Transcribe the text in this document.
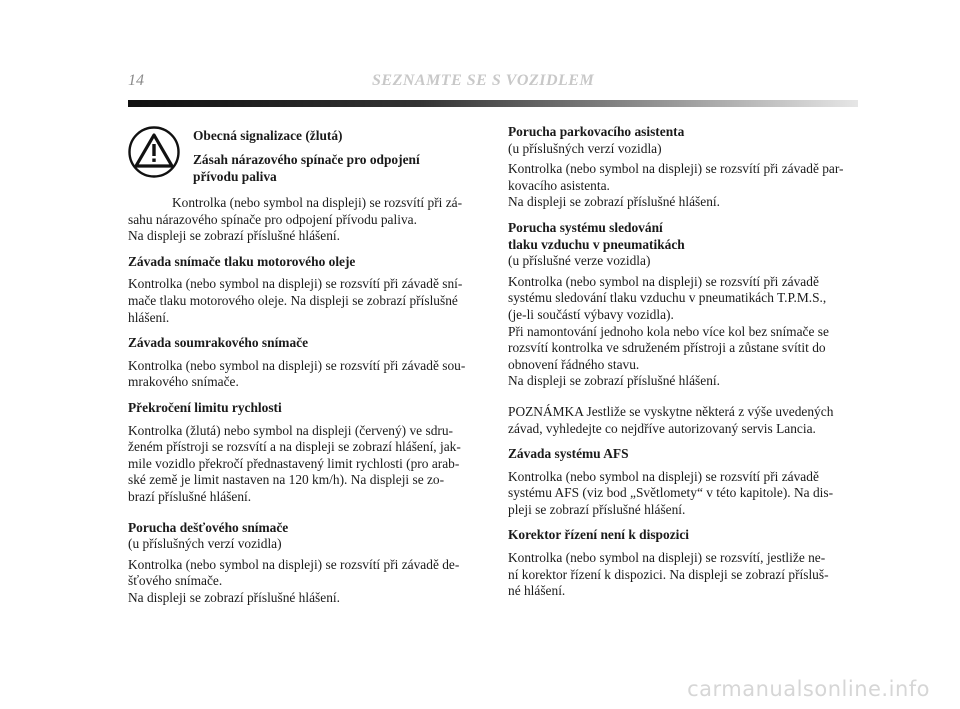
14	SEZNAMTE SE S VOZIDLEM
Obecná signalizace (žlutá)
Zásah nárazového spínače pro odpojení
přívodu paliva
Kontrolka (nebo symbol na displeji) se rozsvítí při zá-
sahu nárazového spínače pro odpojení přívodu paliva.
Na displeji se zobrazí příslušné hlášení.
Závada snímače tlaku motorového oleje
Kontrolka (nebo symbol na displeji) se rozsvítí při závadě sní-
mače tlaku motorového oleje. Na displeji se zobrazí příslušné
hlášení.
Závada soumrakového snímače
Kontrolka (nebo symbol na displeji) se rozsvítí při závadě sou-
mrakového snímače.
Překročení limitu rychlosti
Kontrolka (žlutá) nebo symbol na displeji (červený) ve sdru-
ženém přístroji se rozsvítí a na displeji se zobrazí hlášení, jak-
mile vozidlo překročí přednastavený limit rychlosti (pro arab-
ské země je limit nastaven na 120 km/h). Na displeji se zo-
brazí příslušné hlášení.
Porucha dešťového snímače
(u příslušných verzí vozidla)
Kontrolka (nebo symbol na displeji) se rozsvítí při závadě de-
šťového snímače.
Na displeji se zobrazí příslušné hlášení.
Porucha parkovacího asistenta
(u příslušných verzí vozidla)
Kontrolka (nebo symbol na displeji) se rozsvítí při závadě par-
kovacího asistenta.
Na displeji se zobrazí příslušné hlášení.
Porucha systému sledování
tlaku vzduchu v pneumatikách
(u příslušné verze vozidla)
Kontrolka (nebo symbol na displeji) se rozsvítí při závadě
systému sledování tlaku vzduchu v pneumatikách T.P.M.S.,
(je-li součástí výbavy vozidla).
Při namontování jednoho kola nebo více kol bez snímače se
rozsvítí kontrolka ve sdruženém přístroji a zůstane svítit do
obnovení řádného stavu.
Na displeji se zobrazí příslušné hlášení.
POZNÁMKA Jestliže se vyskytne některá z výše uvedených
závad, vyhledejte co nejdříve autorizovaný servis Lancia.
Závada systému AFS
Kontrolka (nebo symbol na displeji) se rozsvítí při závadě
systému AFS (viz bod „Světlomety“ v této kapitole). Na dis-
pleji se zobrazí příslušné hlášení.
Korektor řízení není k dispozici
Kontrolka (nebo symbol na displeji) se rozsvítí, jestliže ne-
ní korektor řízení k dispozici. Na displeji se zobrazí přísluš-
né hlášení.
carmanualsonline.info
